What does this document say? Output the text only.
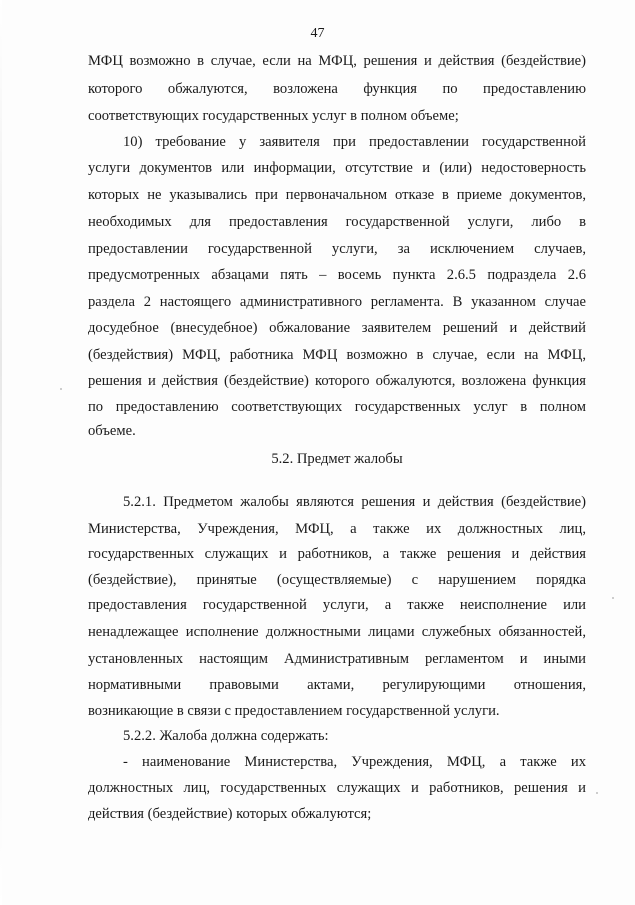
47
МФЦ возможно в случае, если на МФЦ, решения и действия (бездействие)
которого обжалуются, возложена функция по предоставлению
соответствующих государственных услуг в полном объеме;
10) требование у заявителя при предоставлении государственной
услуги документов или информации, отсутствие и (или) недостоверность
которых не указывались при первоначальном отказе в приеме документов,
необходимых для предоставления государственной услуги, либо в
предоставлении государственной услуги, за исключением случаев,
предусмотренных абзацами пять – восемь пункта 2.6.5 подраздела 2.6
раздела 2 настоящего административного регламента. В указанном случае
досудебное (внесудебное) обжалование заявителем решений и действий
(бездействия) МФЦ, работника МФЦ возможно в случае, если на МФЦ,
решения и действия (бездействие) которого обжалуются, возложена функция
по предоставлению соответствующих государственных услуг в полном
объеме.
5.2. Предмет жалобы
5.2.1. Предметом жалобы являются решения и действия (бездействие)
Министерства, Учреждения, МФЦ, а также их должностных лиц,
государственных служащих и работников, а также решения и действия
(бездействие), принятые (осуществляемые) с нарушением порядка
предоставления государственной услуги, а также неисполнение или
ненадлежащее исполнение должностными лицами служебных обязанностей,
установленных настоящим Административным регламентом и иными
нормативными правовыми актами, регулирующими отношения,
возникающие в связи с предоставлением государственной услуги.
5.2.2. Жалоба должна содержать:
- наименование Министерства, Учреждения, МФЦ, а также их
должностных лиц, государственных служащих и работников, решения и
действия (бездействие) которых обжалуются;
